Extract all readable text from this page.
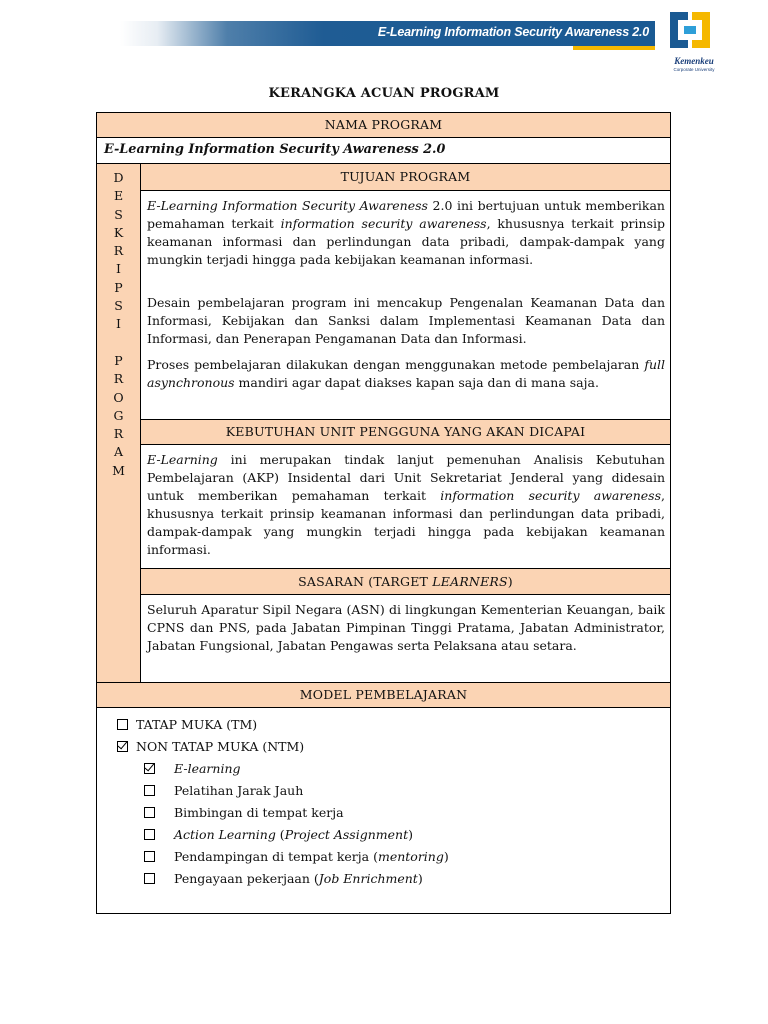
E-Learning Information Security Awareness 2.0
Kemenkeu
Corporate University
KERANGKA ACUAN PROGRAM
NAMA PROGRAM
E-Learning Information Security Awareness 2.0
D
E
S
K
R
I
P
S
I
P
R
O
G
R
A
M
TUJUAN PROGRAM
E-Learning Information Security Awareness 2.0 ini bertujuan untuk memberikan pemahaman terkait information security awareness, khususnya terkait prinsip keamanan informasi dan perlindungan data pribadi, dampak-dampak yang mungkin terjadi hingga pada kebijakan keamanan informasi.
Desain pembelajaran program ini mencakup Pengenalan Keamanan Data dan Informasi, Kebijakan dan Sanksi dalam Implementasi Keamanan Data dan Informasi, dan Penerapan Pengamanan Data dan Informasi.
Proses pembelajaran dilakukan dengan menggunakan metode pembelajaran full asynchronous mandiri agar dapat diakses kapan saja dan di mana saja.
KEBUTUHAN UNIT PENGGUNA YANG AKAN DICAPAI
E-Learning ini merupakan tindak lanjut pemenuhan Analisis Kebutuhan Pembelajaran (AKP) Insidental dari Unit Sekretariat Jenderal yang didesain untuk memberikan pemahaman terkait information security awareness, khususnya terkait prinsip keamanan informasi dan perlindungan data pribadi, dampak-dampak yang mungkin terjadi hingga pada kebijakan keamanan informasi.
SASARAN (TARGET LEARNERS)
Seluruh Aparatur Sipil Negara (ASN) di lingkungan Kementerian Keuangan, baik CPNS dan PNS, pada Jabatan Pimpinan Tinggi Pratama, Jabatan Administrator, Jabatan Fungsional, Jabatan Pengawas serta Pelaksana atau setara.
MODEL PEMBELAJARAN
TATAP MUKA (TM)
NON TATAP MUKA (NTM)
E-learning
Pelatihan Jarak Jauh
Bimbingan di tempat kerja
Action Learning (Project Assignment)
Pendampingan di tempat kerja (mentoring)
Pengayaan pekerjaan (Job Enrichment)
